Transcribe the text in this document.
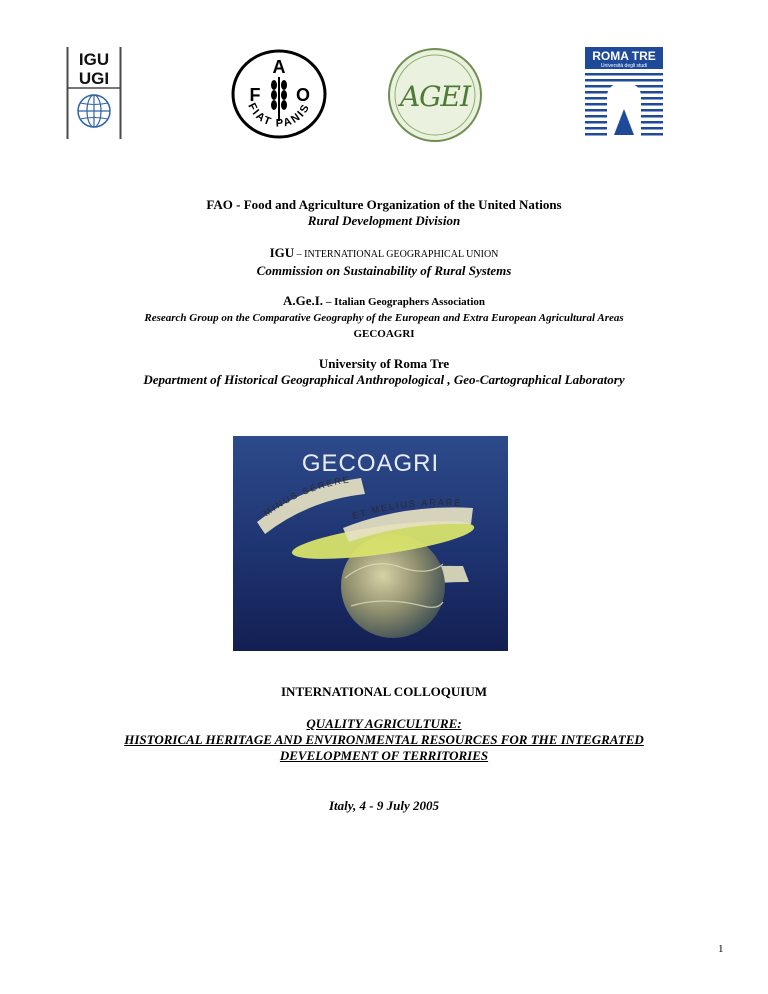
IGU
UGI
F
A
O
FIAT PANIS	AGEI
ROMA TRE
Università degli studi
FAO - Food and Agriculture Organization of the United Nations
Rural Development Division
IGU – INTERNATIONAL GEOGRAPHICAL UNION
Commission on Sustainability of Rural Systems
A.Ge.I. – Italian Geographers Association
Research Group on the Comparative Geography of the European and Extra European Agricultural Areas
GECOAGRI
University of Roma Tre
Department of Historical Geographical Anthropological , Geo-Cartographical Laboratory
GECOAGRI
MINUS SERERE
ET MELIUS ARARE
INTERNATIONAL COLLOQUIUM
QUALITY AGRICULTURE:
HISTORICAL HERITAGE AND ENVIRONMENTAL RESOURCES FOR THE INTEGRATED
DEVELOPMENT OF TERRITORIES
Italy, 4 - 9 July 2005
1
